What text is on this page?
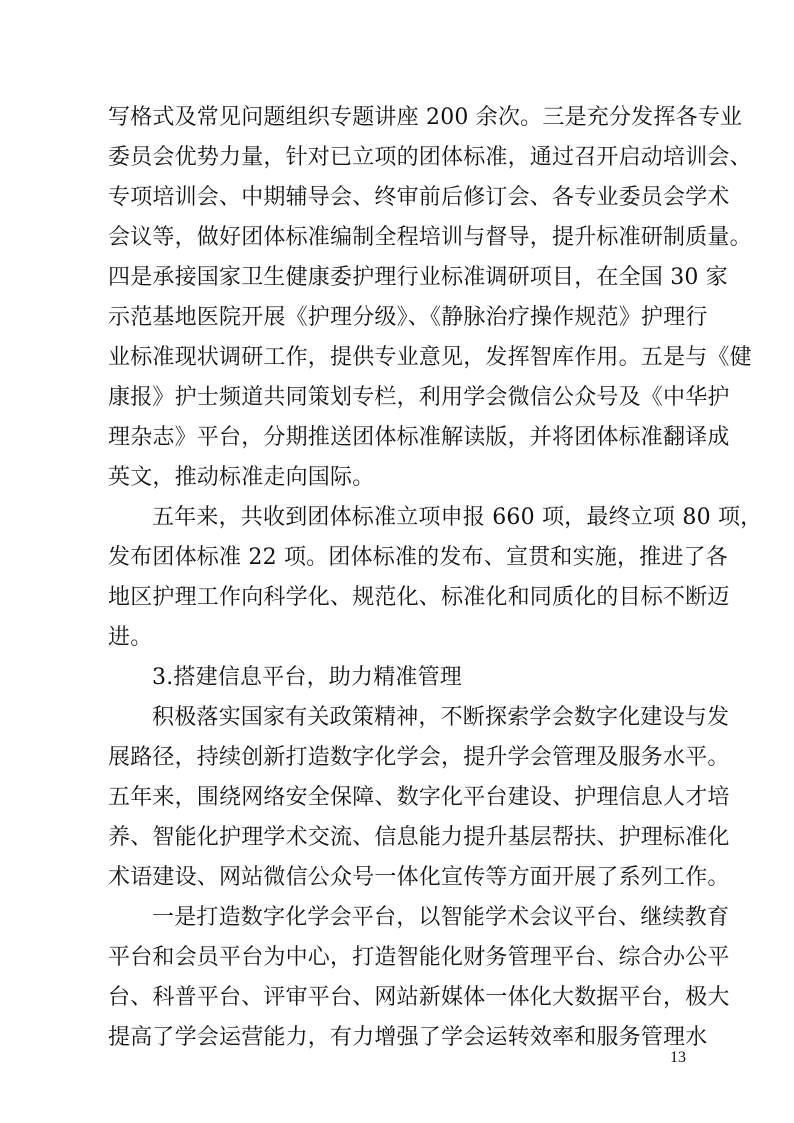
写格式及常见问题组织专题讲座 200 余次。三是充分发挥各专业
委员会优势力量，针对已立项的团体标准，通过召开启动培训会、
专项培训会、中期辅导会、终审前后修订会、各专业委员会学术
会议等，做好团体标准编制全程培训与督导，提升标准研制质量。
四是承接国家卫生健康委护理行业标准调研项目，在全国 30 家
示范基地医院开展《护理分级》、《静脉治疗操作规范》护理行
业标准现状调研工作，提供专业意见，发挥智库作用。五是与《健
康报》护士频道共同策划专栏，利用学会微信公众号及《中华护
理杂志》平台，分期推送团体标准解读版，并将团体标准翻译成
英文，推动标准走向国际。
五年来，共收到团体标准立项申报 660 项，最终立项 80 项，
发布团体标准 22 项。团体标准的发布、宣贯和实施，推进了各
地区护理工作向科学化、规范化、标准化和同质化的目标不断迈
进。
3.搭建信息平台，助力精准管理
积极落实国家有关政策精神，不断探索学会数字化建设与发
展路径，持续创新打造数字化学会，提升学会管理及服务水平。
五年来，围绕网络安全保障、数字化平台建设、护理信息人才培
养、智能化护理学术交流、信息能力提升基层帮扶、护理标准化
术语建设、网站微信公众号一体化宣传等方面开展了系列工作。
一是打造数字化学会平台，以智能学术会议平台、继续教育
平台和会员平台为中心，打造智能化财务管理平台、综合办公平
台、科普平台、评审平台、网站新媒体一体化大数据平台，极大
提高了学会运营能力，有力增强了学会运转效率和服务管理水
13
